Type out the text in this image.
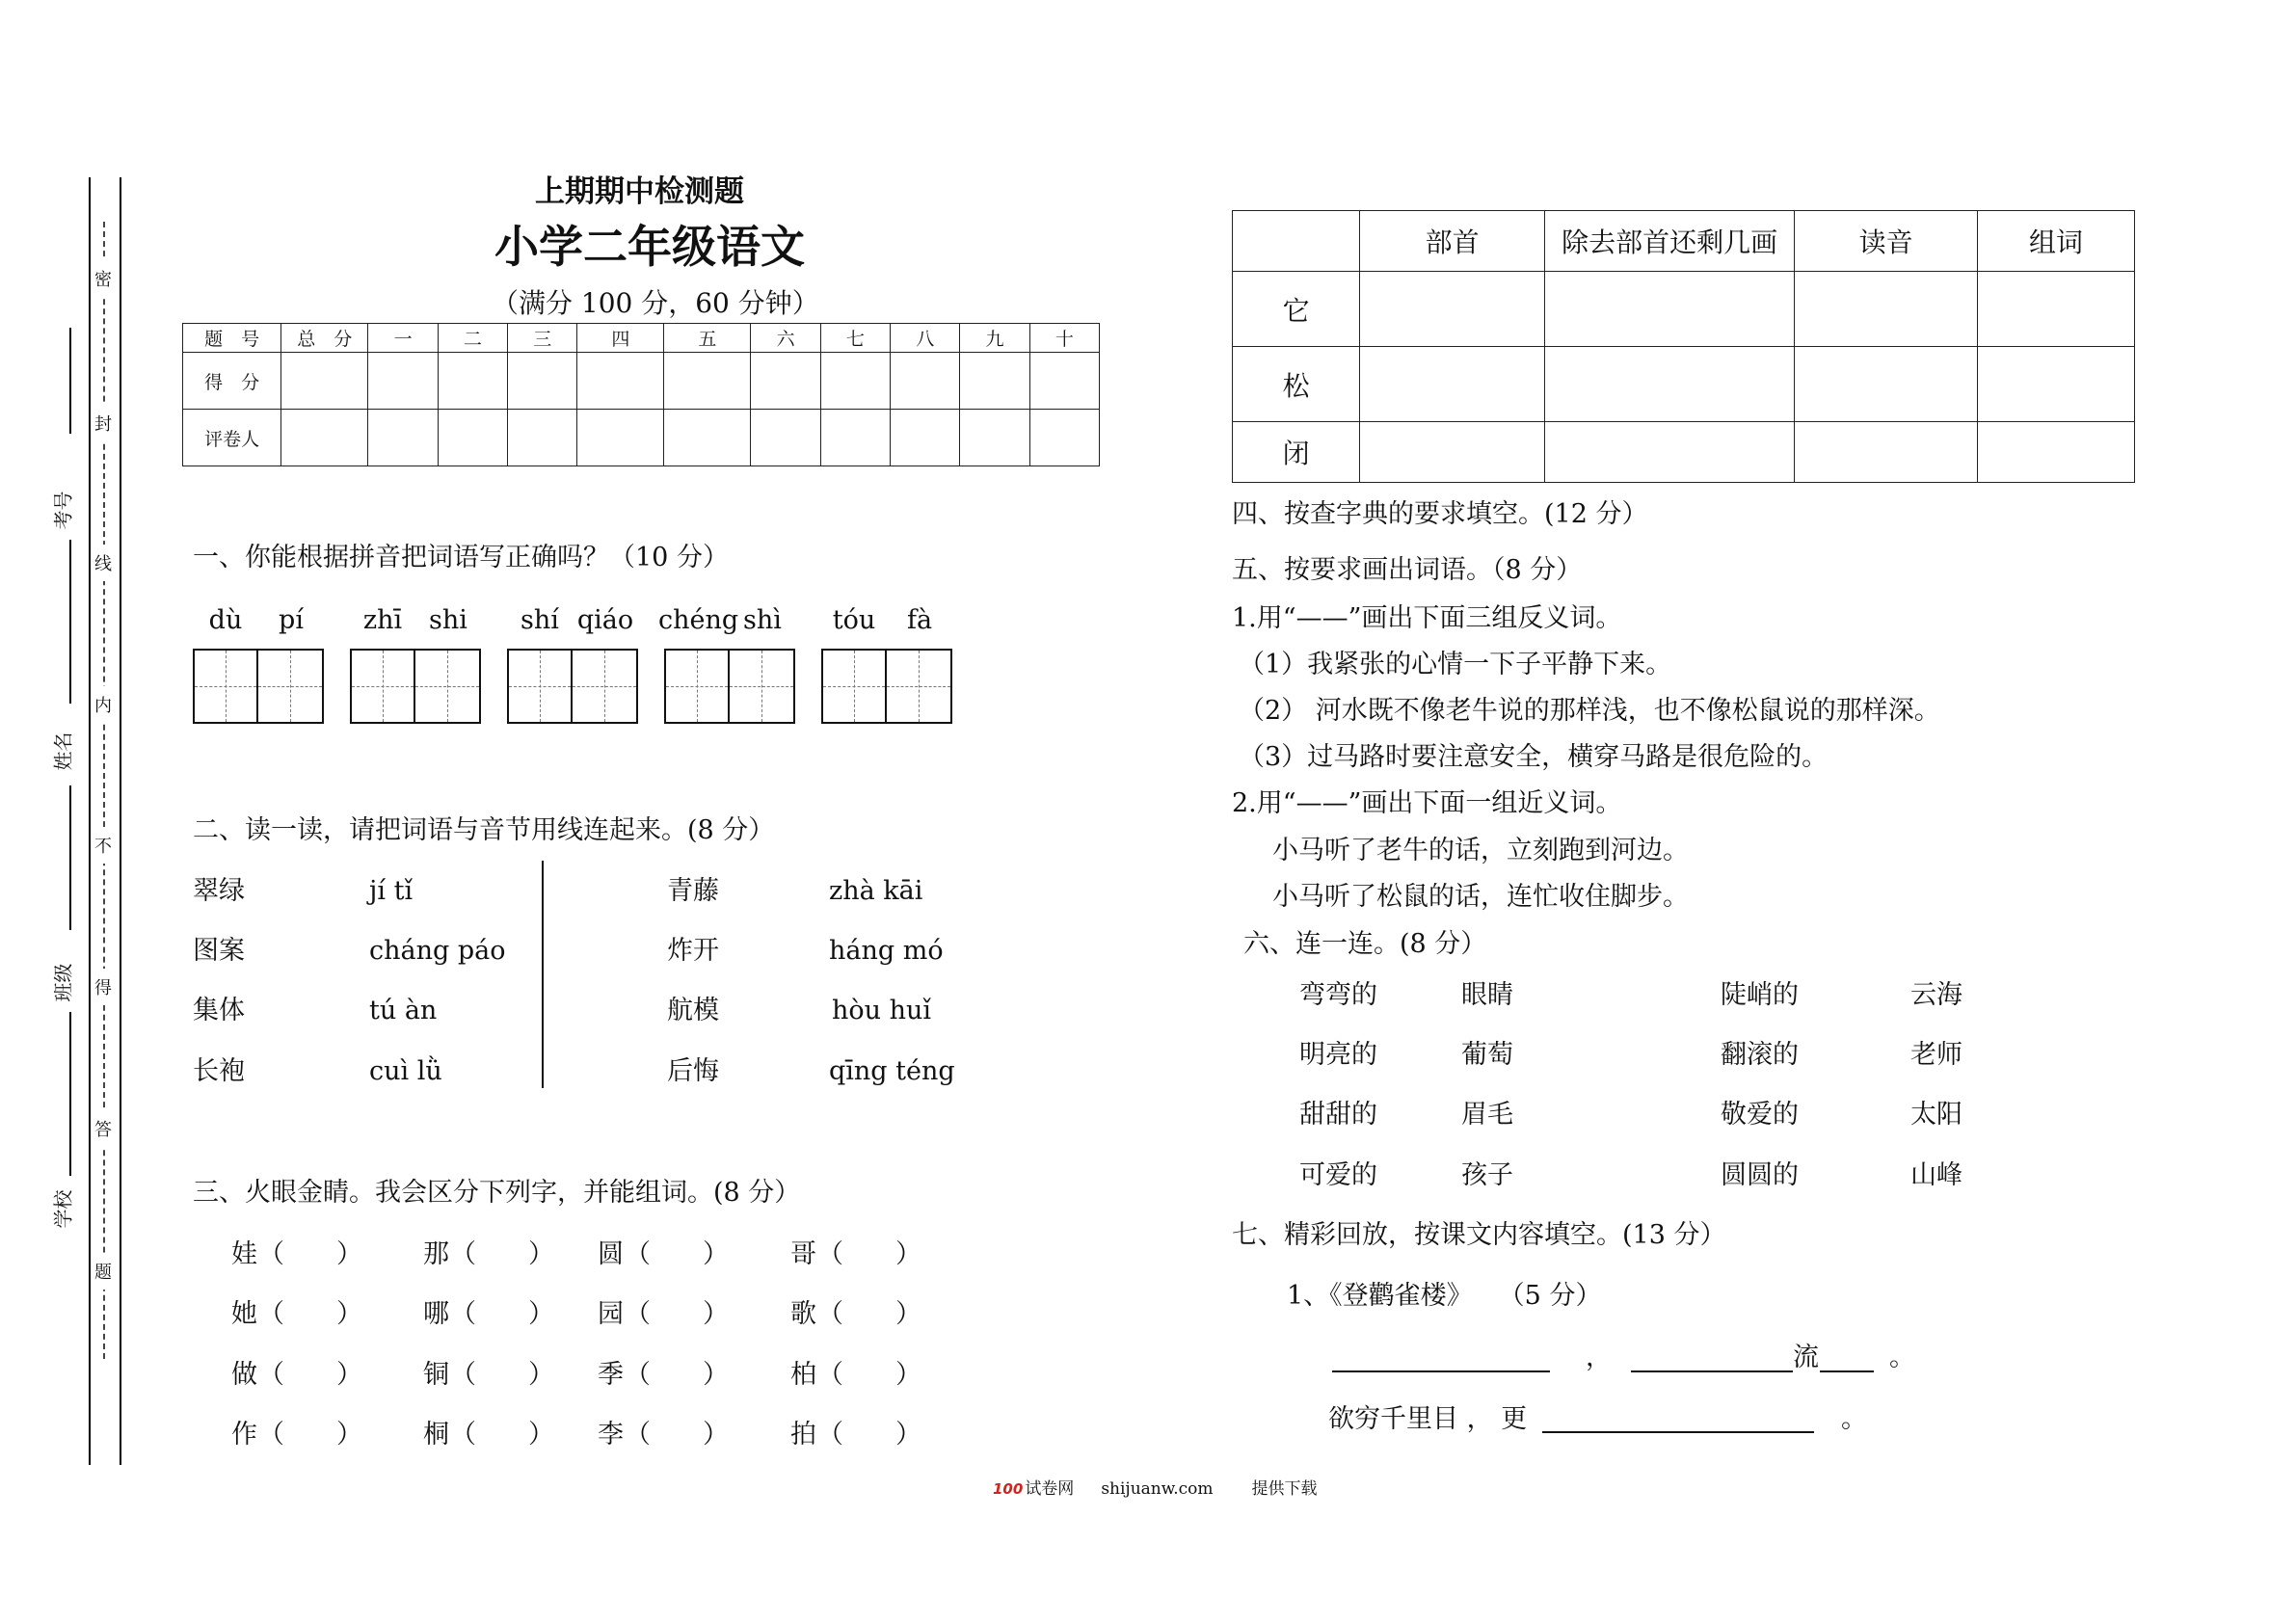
密
封
线
内
不
得
答
题
考号
姓名
班级
学校
上期期中检测题
小学二年级语文
（满分 100 分，60 分钟）
题　号	总　分	一	二	三	四	五	六	七	八	九	十
得　分											
评卷人											
一、你能根据拼音把词语写正确吗？（10 分）
dù	pí	zhī	shi	shí qiáo chéng shì	tóu	fà
二、读一读，请把词语与音节用线连起来。(8 分）
翠绿
图案
集体
长袍
jí tǐ
cháng páo
tú àn
cuì lǜ
青藤
炸开
航模
后悔
zhà kāi
háng mó
hòu huǐ
qīng téng
三、火眼金睛。我会区分下列字，并能组词。(8 分）
娃 （　　）
她 （　　）
那 （　　）
哪 （　　）
圆 （　　）
园 （　　）
哥 （　　）
歌 （　　）
做 （　　）
作 （　　）
铜 （　　）
桐 （　　）
季 （　　）
李 （　　）
柏 （　　）
拍 （　　）
	部首	除去部首还剩几画	读音	组词
它				
松				
闭				
四、按查字典的要求填空。(12 分）
五、按要求画出词语。（8 分）
1.用“——”画出下面三组反义词。
（1）我紧张的心情一下子平静下来。
（2） 河水既不像老牛说的那样浅，也不像松鼠说的那样深。
（3）过马路时要注意安全，横穿马路是很危险的。
2.用“——”画出下面一组近义词。
小马听了老牛的话，立刻跑到河边。
小马听了松鼠的话，连忙收住脚步。
六、连一连。(8 分）
弯弯的
明亮的
甜甜的
可爱的
眼睛
葡萄
眉毛
孩子
陡峭的
翻滚的
敬爱的
圆圆的
云海
老师
太阳
山峰
七、精彩回放，按课文内容填空。(13 分）
1、《登鹳雀楼》　　（5 分）
，	流	。
欲穷千里目 ， 更	。
100 试卷网 shijuanw.com 提供下载
